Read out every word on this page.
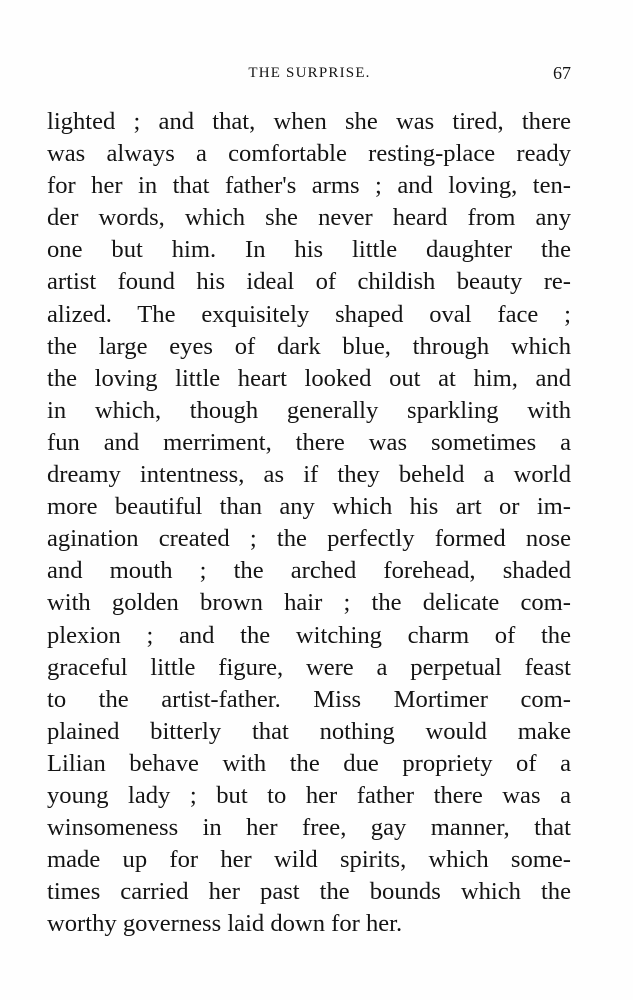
THE SURPRISE.	67
lighted ; and that, when she was tired, there
was always a comfortable resting-place ready
for her in that father's arms ; and loving, ten-
der words, which she never heard from any
one but him. In his little daughter the
artist found his ideal of childish beauty re-
alized. The exquisitely shaped oval face ;
the large eyes of dark blue, through which
the loving little heart looked out at him, and
in which, though generally sparkling with
fun and merriment, there was sometimes a
dreamy intentness, as if they beheld a world
more beautiful than any which his art or im-
agination created ; the perfectly formed nose
and mouth ; the arched forehead, shaded
with golden brown hair ; the delicate com-
plexion ; and the witching charm of the
graceful little figure, were a perpetual feast
to the artist-father. Miss Mortimer com-
plained bitterly that nothing would make
Lilian behave with the due propriety of a
young lady ; but to her father there was a
winsomeness in her free, gay manner, that
made up for her wild spirits, which some-
times carried her past the bounds which the
worthy governess laid down for her.
